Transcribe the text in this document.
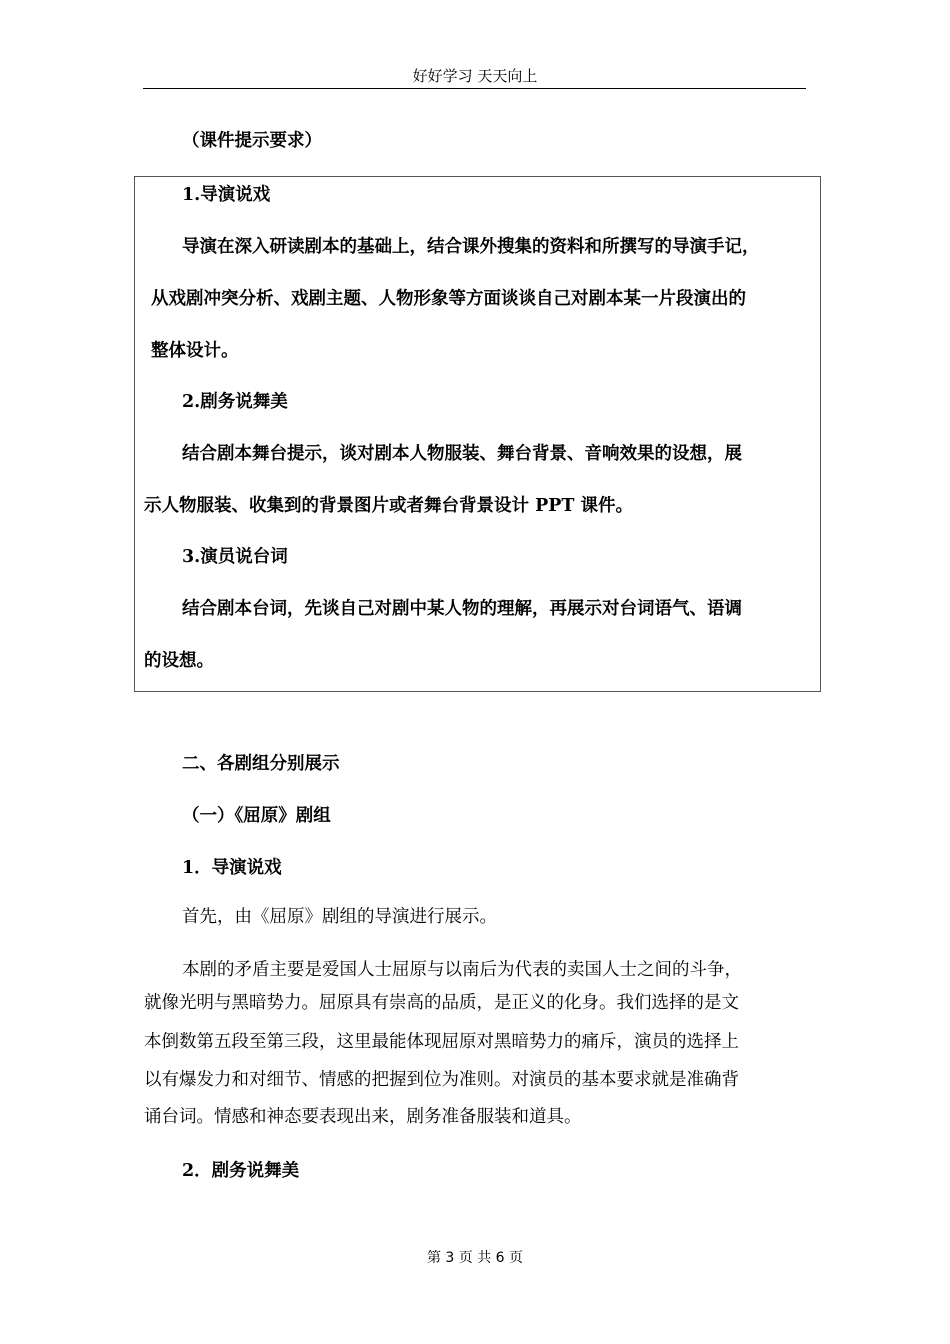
好好学习 天天向上
（课件提示要求）
1.导演说戏
导演在深入研读剧本的基础上，结合课外搜集的资料和所撰写的导演手记，
从戏剧冲突分析、戏剧主题、人物形象等方面谈谈自己对剧本某一片段演出的
整体设计。
2.剧务说舞美
结合剧本舞台提示，谈对剧本人物服装、舞台背景、音响效果的设想，展
示人物服装、收集到的背景图片或者舞台背景设计 PPT 课件。
3.演员说台词
结合剧本台词，先谈自己对剧中某人物的理解，再展示对台词语气、语调
的设想。
二、各剧组分别展示
（一）《屈原》剧组
1．导演说戏
首先，由《屈原》剧组的导演进行展示。
本剧的矛盾主要是爱国人士屈原与以南后为代表的卖国人士之间的斗争，
就像光明与黑暗势力。屈原具有崇高的品质，是正义的化身。我们选择的是文
本倒数第五段至第三段，这里最能体现屈原对黑暗势力的痛斥，演员的选择上
以有爆发力和对细节、情感的把握到位为准则。对演员的基本要求就是准确背
诵台词。情感和神态要表现出来，剧务准备服装和道具。
2．剧务说舞美
第 3 页 共 6 页
